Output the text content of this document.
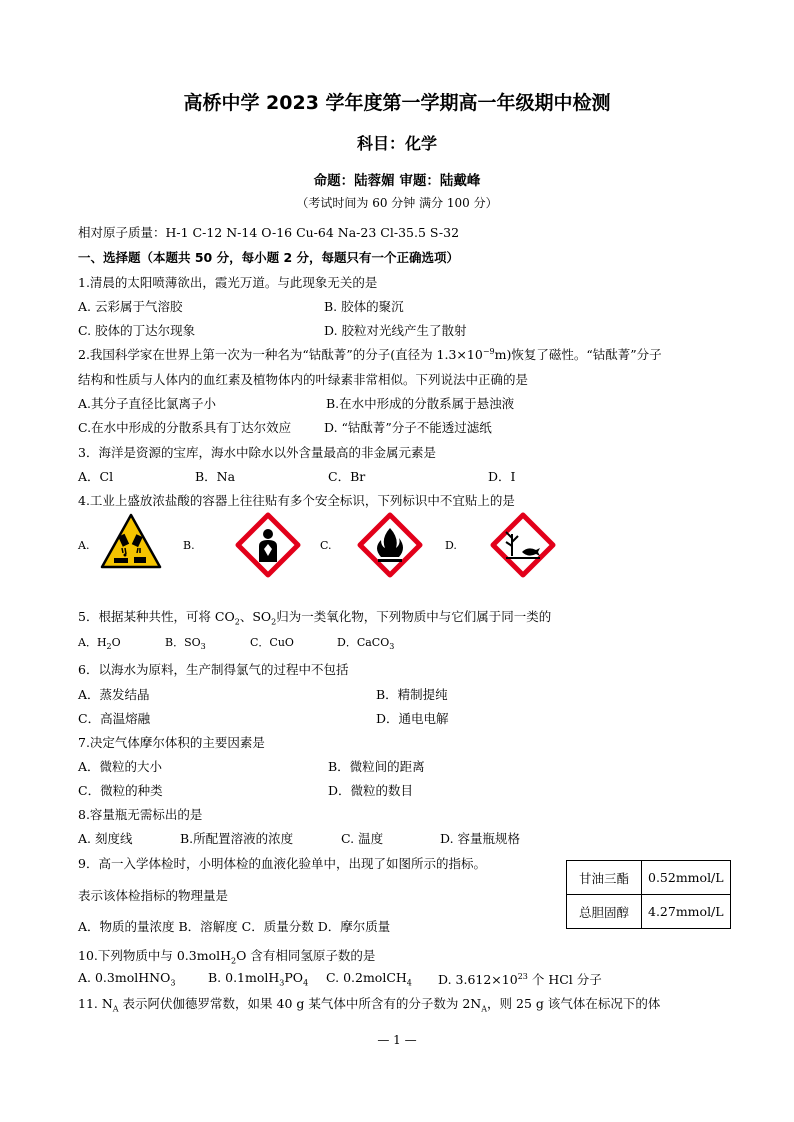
高桥中学 2023 学年度第一学期高一年级期中检测
科目：化学
命题：陆蓉媚 审题：陆戴峰
（考试时间为 60 分钟 满分 100 分）
相对原子质量：H-1 C-12 N-14 O-16 Cu-64 Na-23 Cl-35.5 S-32
一、选择题（本题共 50 分，每小题 2 分，每题只有一个正确选项）
1.清晨的太阳喷薄欲出，霞光万道。与此现象无关的是
A. 云彩属于气溶胶	B. 胶体的聚沉
C. 胶体的丁达尔现象	D. 胶粒对光线产生了散射
2.我国科学家在世界上第一次为一种名为“钴酞菁”的分子(直径为 $1.3\times 10^{-9}m$)恢复了磁性。“钴酞菁”分子
结构和性质与人体内的血红素及植物体内的叶绿素非常相似。下列说法中正确的是
A.其分子直径比氯离子小	B.在水中形成的分散系属于悬浊液
C.在水中形成的分散系具有丁达尔效应	D. “钴酞菁”分子不能透过滤纸
3．海洋是资源的宝库，海水中除水以外含量最高的非金属元素是
A．Cl	B．Na	C．Br	D．I
4.工业上盛放浓盐酸的容器上往往贴有多个安全标识，下列标识中不宜贴上的是
A.	B.	C.	D.
5．根据某种共性，可将 $CO_2$、$SO_2$归为一类氧化物，下列物质中与它们属于同一类的
A．$H_2O$	B．$SO_3$	C．CuO	D．CaCO$_3$
6．以海水为原料，生产制得氯气的过程中不包括
A．蒸发结晶	B．精制提纯
C．高温熔融	D．通电电解
7.决定气体摩尔体积的主要因素是
A．微粒的大小	B．微粒间的距离
C．微粒的种类	D．微粒的数目
8.容量瓶无需标出的是
A. 刻度线	B.所配置溶液的浓度	C. 温度	D. 容量瓶规格
9．高一入学体检时，小明体检的血液化验单中，出现了如图所示的指标。
表示该体检指标的物理量是
A．物质的量浓度 B．溶解度 C．质量分数 D．摩尔质量
甘油三酯	0.52mmol/L
总胆固醇	4.27mmol/L
10.下列物质中与 0.3molH$_2$O 含有相同氢原子数的是
A. 0.3molHNO$_3$	B. $0.1molH_3PO_4$ C. 0.2molCH$_4$ D. $3.612\times 10^{23}$ 个 HCl 分子
11. $N_A$ 表示阿伏伽德罗常数，如果 40 g 某气体中所含有的分子数为 $2N_A$，则 25 g 该气体在标况下的体
— 1 —
